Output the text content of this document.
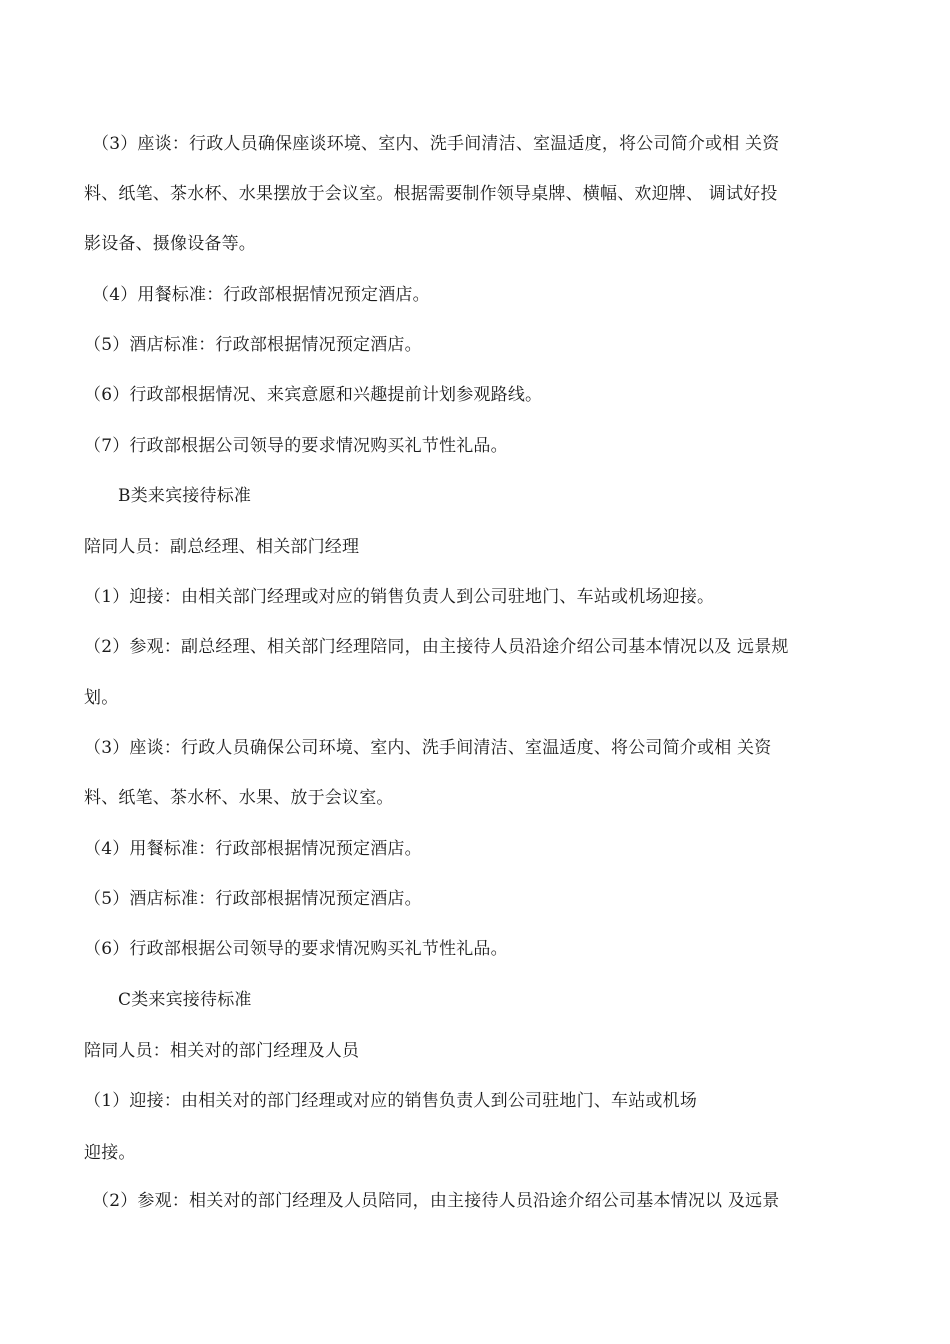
（3）座谈：行政人员确保座谈环境、室内、洗手间清洁、室温适度，将公司简介或相 关资
料、纸笔、茶水杯、水果摆放于会议室。根据需要制作领导桌牌、横幅、欢迎牌、 调试好投
影设备、摄像设备等。
（4）用餐标准：行政部根据情况预定酒店。
（5）酒店标准：行政部根据情况预定酒店。
（6）行政部根据情况、来宾意愿和兴趣提前计划参观路线。
（7）行政部根据公司领导的要求情况购买礼节性礼品。
B类来宾接待标准
陪同人员：副总经理、相关部门经理
（1）迎接：由相关部门经理或对应的销售负责人到公司驻地门、车站或机场迎接。
（2）参观：副总经理、相关部门经理陪同，由主接待人员沿途介绍公司基本情况以及 远景规
划。
（3）座谈：行政人员确保公司环境、室内、洗手间清洁、室温适度、将公司简介或相 关资
料、纸笔、茶水杯、水果、放于会议室。
（4）用餐标准：行政部根据情况预定酒店。
（5）酒店标准：行政部根据情况预定酒店。
（6）行政部根据公司领导的要求情况购买礼节性礼品。
C类来宾接待标准
陪同人员：相关对的部门经理及人员
（1）迎接：由相关对的部门经理或对应的销售负责人到公司驻地门、车站或机场
迎接。
（2）参观：相关对的部门经理及人员陪同，由主接待人员沿途介绍公司基本情况以 及远景
